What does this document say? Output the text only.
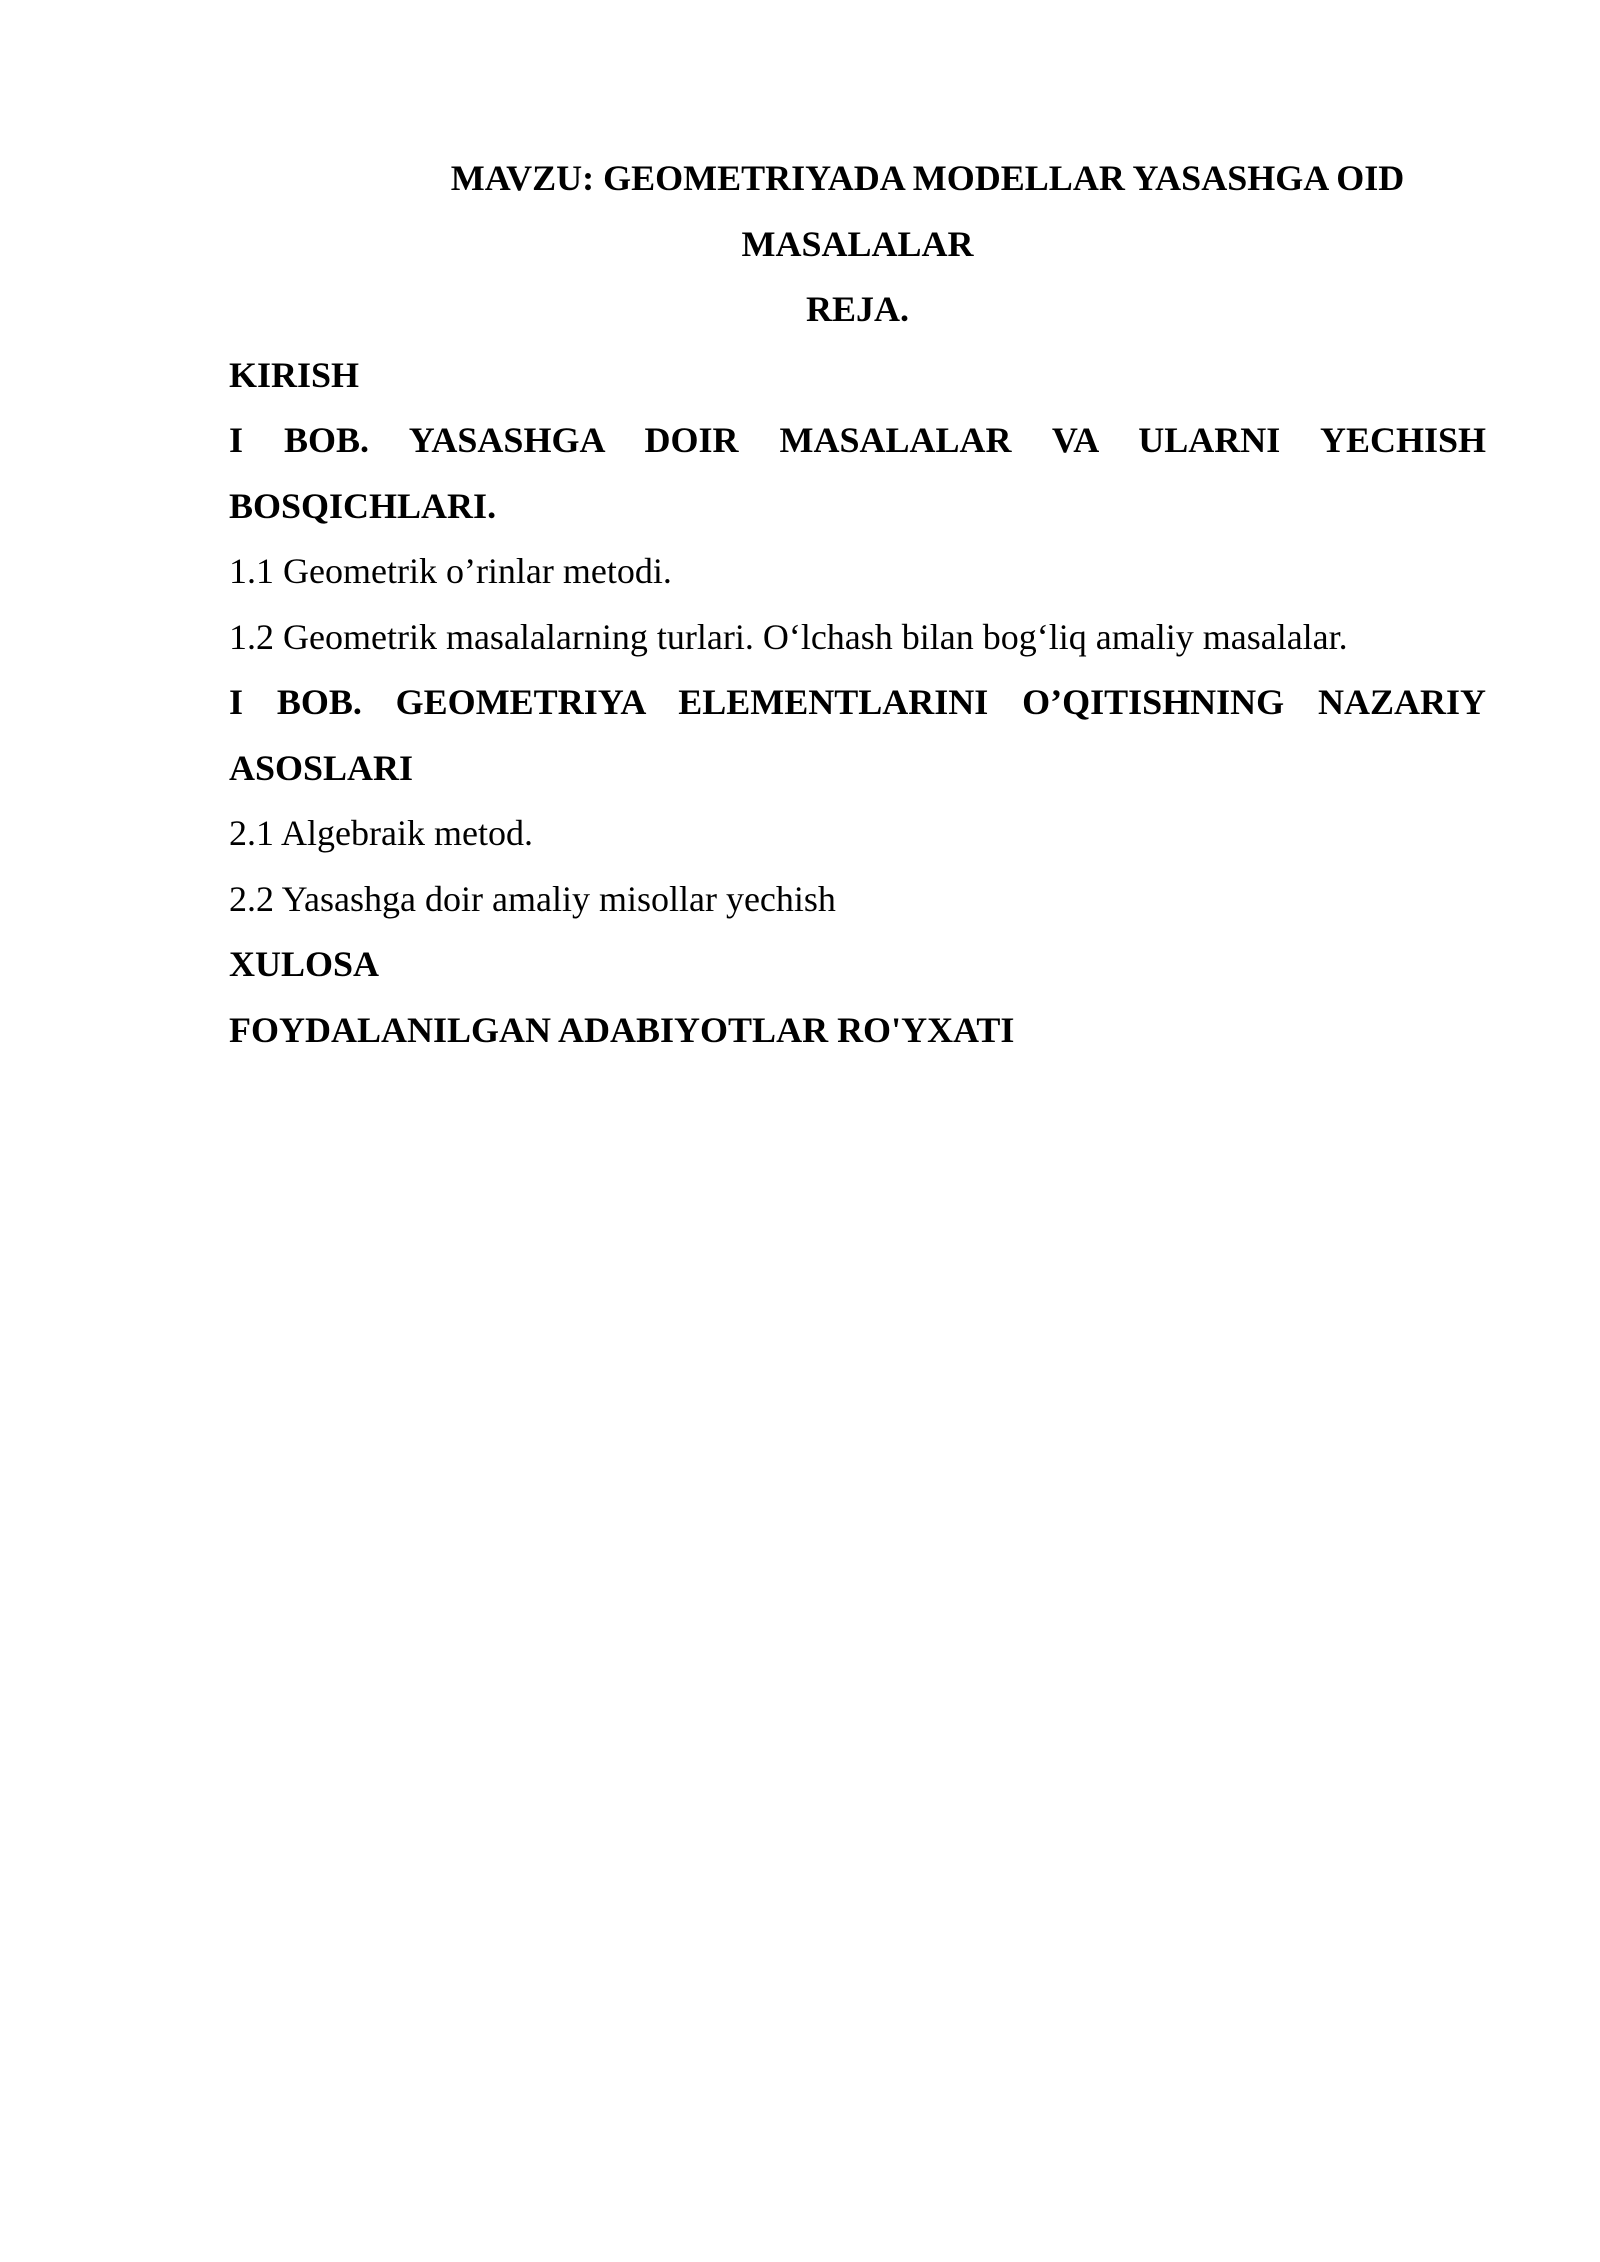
MAVZU: GEOMETRIYADA MODELLAR YASASHGA OID
MASALALAR
REJA.
KIRISH
I BOB. YASASHGA DOIR MASALALAR VA ULARNI YECHISH
BOSQICHLARI.
1.1 Geometrik o’rinlar metodi.
1.2 Geometrik masalalarning turlari. O‘lchash bilan bog‘liq amaliy masalalar.
I BOB. GEOMETRIYA ELEMENTLARINI O’QITISHNING NAZARIY
ASOSLARI
2.1 Algebraik metod.
2.2 Yasashga doir amaliy misollar yechish
XULOSA
FOYDALANILGAN ADABIYOTLAR RO'YXATI
